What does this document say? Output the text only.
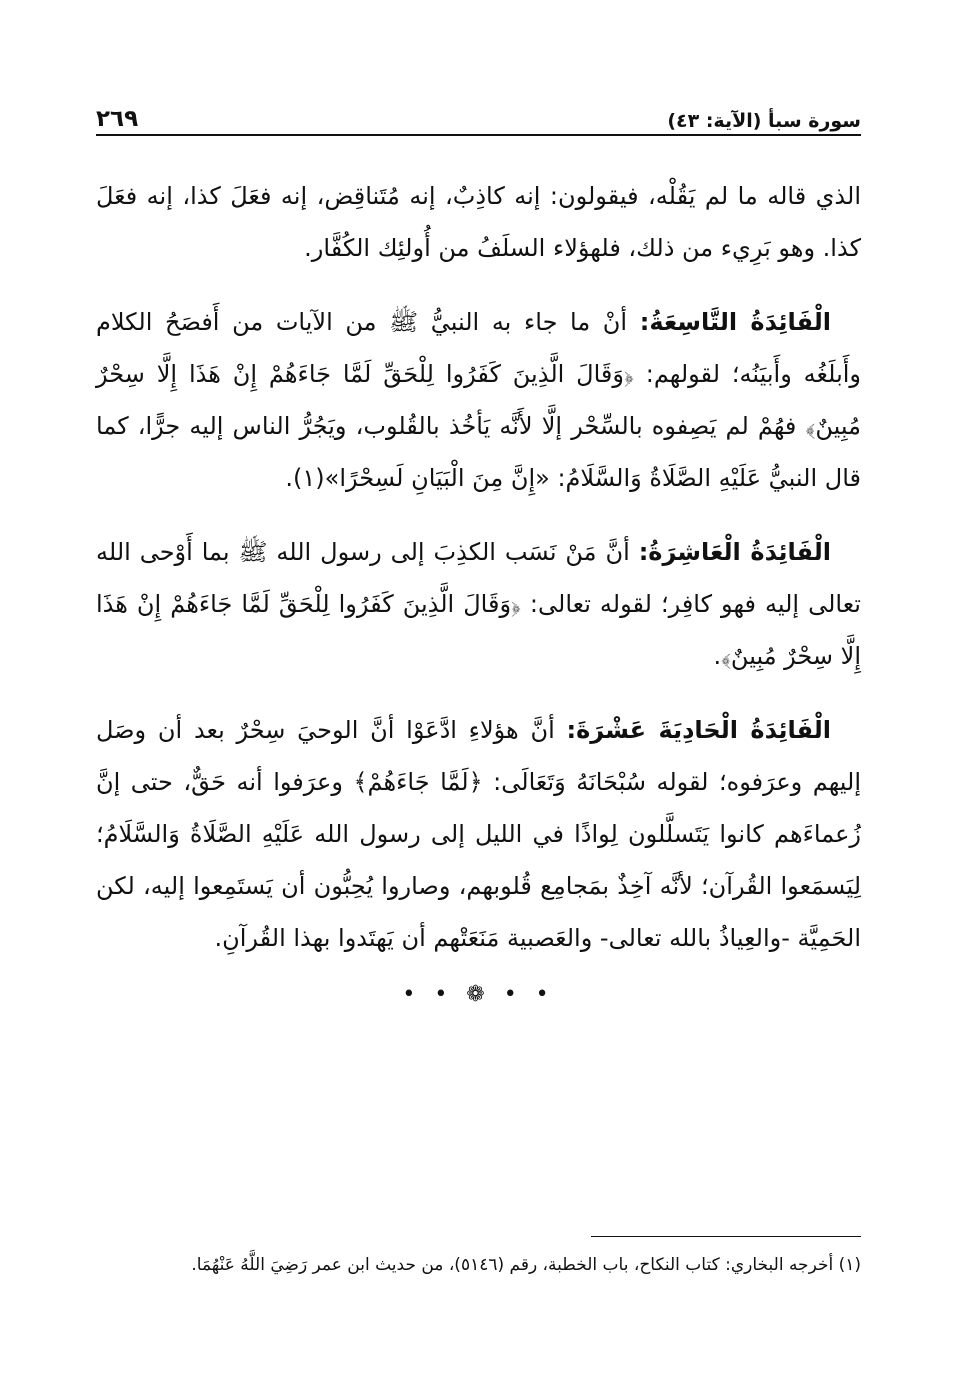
٢٦٩	سورة سبأ (الآية: ٤٣)

الذي قاله ما لم يَقُلْه، فيقولون: إنه كاذِبٌ، إنه مُتَناقِض، إنه فعَلَ كذا، إنه فعَلَ كذا. وهو بَرِيء من ذلك، فلهؤلاء السلَفُ من أُولئِك الكُفَّار.

الْفَائِدَةُ التَّاسِعَةُ: أنْ ما جاء به النبيُّ ﷺ من الآيات من أَفصَحُ الكلام وأَبلَغُه وأَبيَنُه؛ لقولهم: ﴿وَقَالَ الَّذِينَ كَفَرُوا لِلْحَقِّ لَمَّا جَاءَهُمْ إِنْ هَذَا إِلَّا سِحْرٌ مُبِينٌ﴾ فهُمْ لم يَصِفوه بالسِّحْر إلَّا لأَنَّه يَأخُذ بالقُلوب، ويَجُرُّ الناس إليه جرًّا، كما قال النبيُّ عَلَيْهِ الصَّلَاةُ وَالسَّلَامُ: «إِنَّ مِنَ الْبَيَانِ لَسِحْرًا»(١).

الْفَائِدَةُ الْعَاشِرَةُ: أنَّ مَنْ نَسَب الكذِبَ إلى رسول الله ﷺ بما أَوْحى الله تعالى إليه فهو كافِر؛ لقوله تعالى: ﴿وَقَالَ الَّذِينَ كَفَرُوا لِلْحَقِّ لَمَّا جَاءَهُمْ إِنْ هَذَا إِلَّا سِحْرٌ مُبِينٌ﴾.

الْفَائِدَةُ الْحَادِيَةَ عَشْرَةَ: أنَّ هؤلاءِ ادَّعَوْا أنَّ الوحيَ سِحْرٌ بعد أن وصَل إليهم وعرَفوه؛ لقوله سُبْحَانَهُ وَتَعَالَى: ﴿لَمَّا جَاءَهُمْ﴾ وعرَفوا أنه حَقٌّ، حتى إنَّ زُعماءَهم كانوا يَتَسلَّلون لِواذًا في الليل إلى رسول الله عَلَيْهِ الصَّلَاةُ وَالسَّلَامُ؛ لِيَسمَعوا القُرآن؛ لأنَّه آخِذٌ بمَجامِع قُلوبهم، وصاروا يُحِبُّون أن يَستَمِعوا إليه، لكن الحَمِيَّة -والعِياذُ بالله تعالى- والعَصبية مَنَعَتْهم أن يَهتَدوا بهذا القُرآنِ.

• • ❁ • •
(١) أخرجه البخاري: كتاب النكاح، باب الخطبة، رقم (٥١٤٦)، من حديث ابن عمر رَضِيَ اللَّهُ عَنْهُمَا.
